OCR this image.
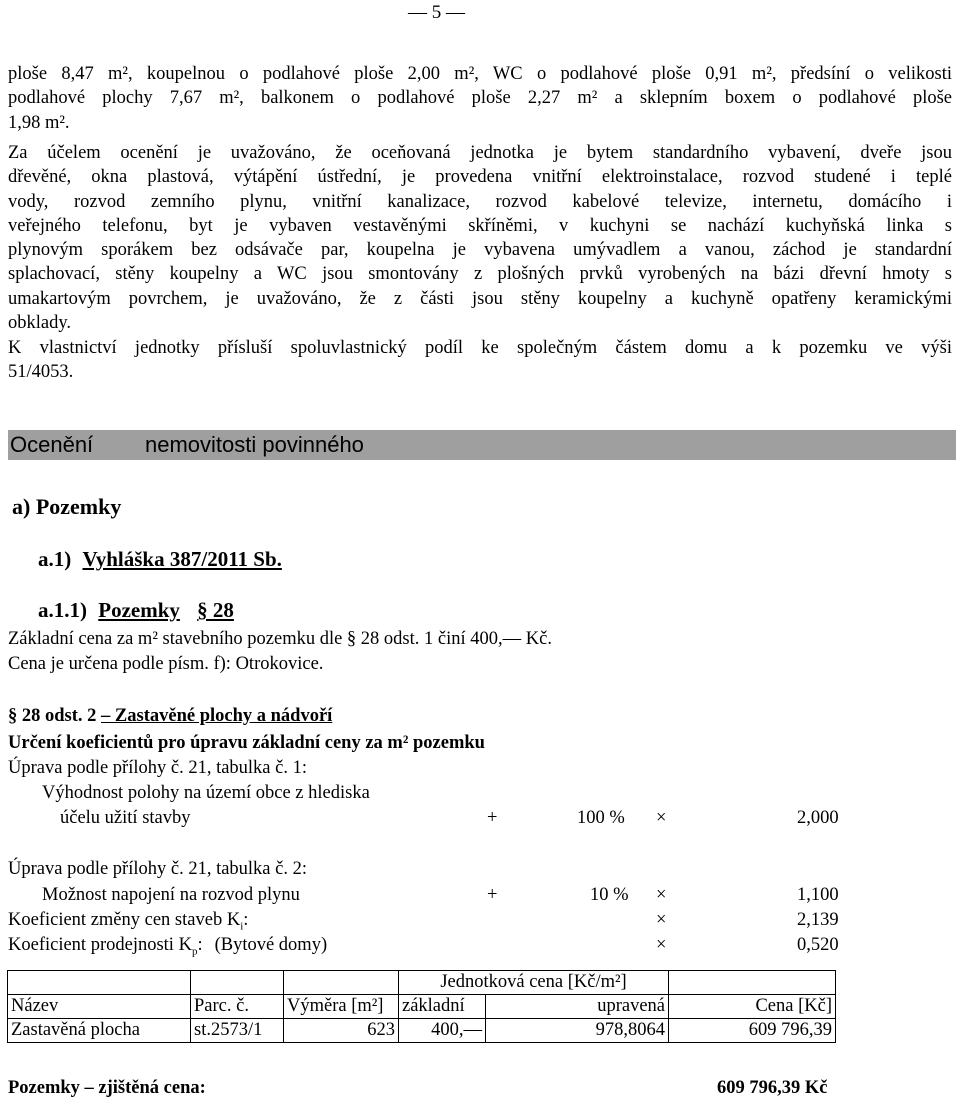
— 5 —
ploše 8,47 m², koupelnou o podlahové ploše 2,00 m², WC o podlahové ploše 0,91 m², předsíní o velikosti
podlahové plochy 7,67 m², balkonem o podlahové ploše 2,27 m² a sklepním boxem o podlahové ploše
1,98 m².
Za účelem ocenění je uvažováno, že oceňovaná jednotka je bytem standardního vybavení, dveře jsou
dřevěné, okna plastová, výtápění ústřední, je provedena vnitřní elektroinstalace, rozvod studené i teplé
vody, rozvod zemního plynu, vnitřní kanalizace, rozvod kabelové televize, internetu, domácího i
veřejného telefonu, byt je vybaven vestavěnými skříněmi, v kuchyni se nachází kuchyňská linka s
plynovým sporákem bez odsávače par, koupelna je vybavena umývadlem a vanou, záchod je standardní
splachovací, stěny koupelny a WC jsou smontovány z plošných prvků vyrobených na bázi dřevní hmoty s
umakartovým povrchem, je uvažováno, že z části jsou stěny koupelny a kuchyně opatřeny keramickými
obklady.
K vlastnictví jednotky přísluší spoluvlastnický podíl ke společným částem domu a k pozemku ve výši
51/4053.
Ocenění nemovitosti povinného
a) Pozemky
a.1) Vyhláška 387/2011 Sb.
a.1.1) Pozemky § 28
Základní cena za m² stavebního pozemku dle § 28 odst. 1 činí 400,— Kč.
Cena je určena podle písm. f): Otrokovice.
§ 28 odst. 2 – Zastavěné plochy a nádvoří
Určení koeficientů pro úpravu základní ceny za m² pozemku
Úprava podle přílohy č. 21, tabulka č. 1:
Výhodnost polohy na území obce z hlediska
účelu užití stavby	+	100 % ×	2,000
Úprava podle přílohy č. 21, tabulka č. 2:
Možnost napojení na rozvod plynu	+	10 % ×	1,100
Koeficient změny cen staveb $K_i$:	×	2,139
Koeficient prodejnosti $K_p$: (Bytové domy)	×	0,520
			Jednotková cena [Kč/m²]		
Název	Parc. č.	Výměra [m²]	základní	upravená	Cena [Kč]
Zastavěná plocha	st.2573/1	623	400,—	978,8064	609 796,39
Pozemky – zjištěná cena:	609 796,39 Kč
